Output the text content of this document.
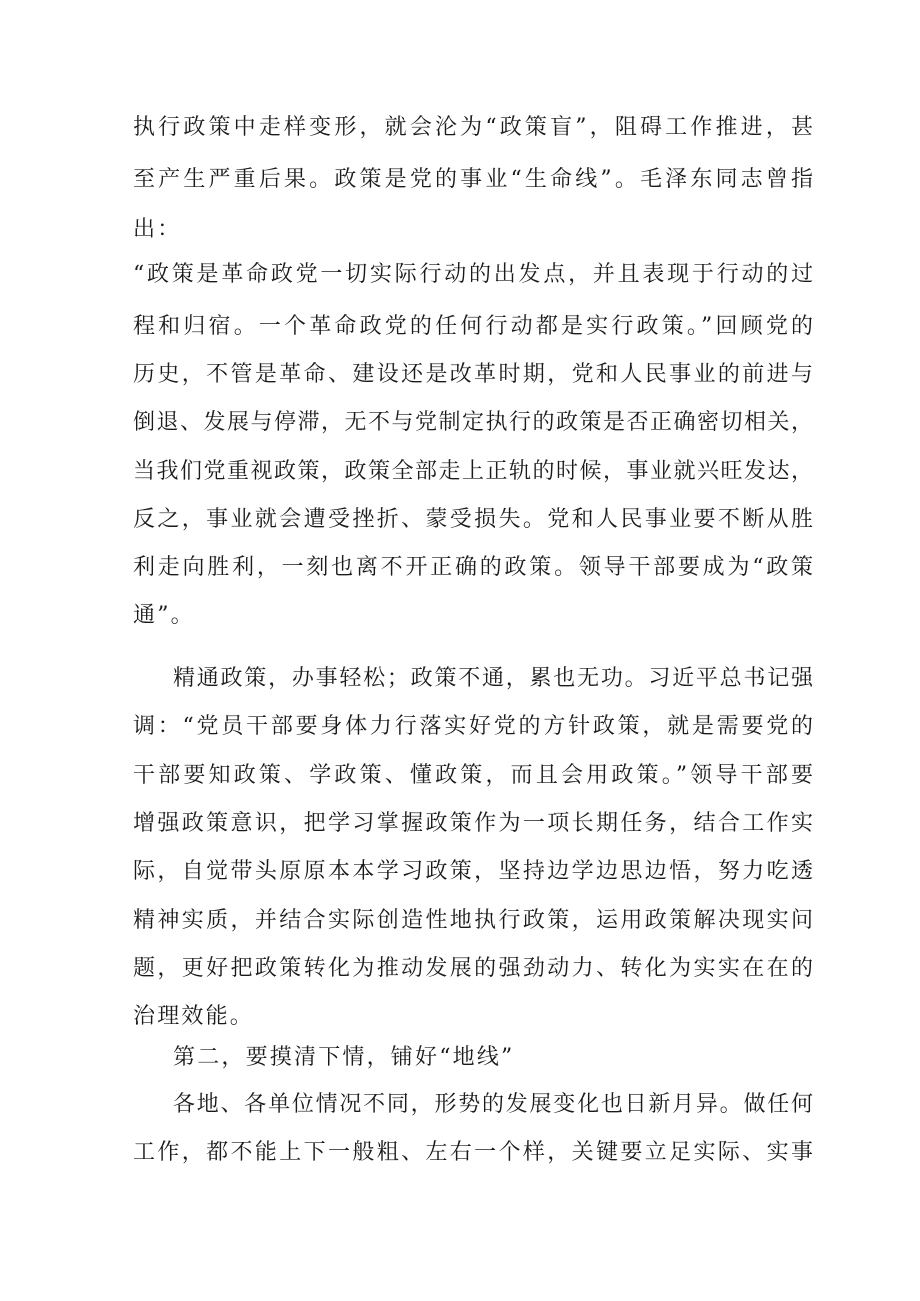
执行政策中走样变形，就会沦为“政策盲”，阻碍工作推进，甚
至产生严重后果。政策是党的事业“生命线”。毛泽东同志曾指
出：
“政策是革命政党一切实际行动的出发点，并且表现于行动的过
程和归宿。一个革命政党的任何行动都是实行政策。”回顾党的
历史，不管是革命、建设还是改革时期，党和人民事业的前进与
倒退、发展与停滞，无不与党制定执行的政策是否正确密切相关，
当我们党重视政策，政策全部走上正轨的时候，事业就兴旺发达，
反之，事业就会遭受挫折、蒙受损失。党和人民事业要不断从胜
利走向胜利，一刻也离不开正确的政策。领导干部要成为“政策
通”。
精通政策，办事轻松；政策不通，累也无功。习近平总书记强
调：“党员干部要身体力行落实好党的方针政策，就是需要党的
干部要知政策、学政策、懂政策，而且会用政策。”领导干部要
增强政策意识，把学习掌握政策作为一项长期任务，结合工作实
际，自觉带头原原本本学习政策，坚持边学边思边悟，努力吃透
精神实质，并结合实际创造性地执行政策，运用政策解决现实问
题，更好把政策转化为推动发展的强劲动力、转化为实实在在的
治理效能。
第二，要摸清下情，铺好“地线”
各地、各单位情况不同，形势的发展变化也日新月异。做任何
工作，都不能上下一般粗、左右一个样，关键要立足实际、实事
